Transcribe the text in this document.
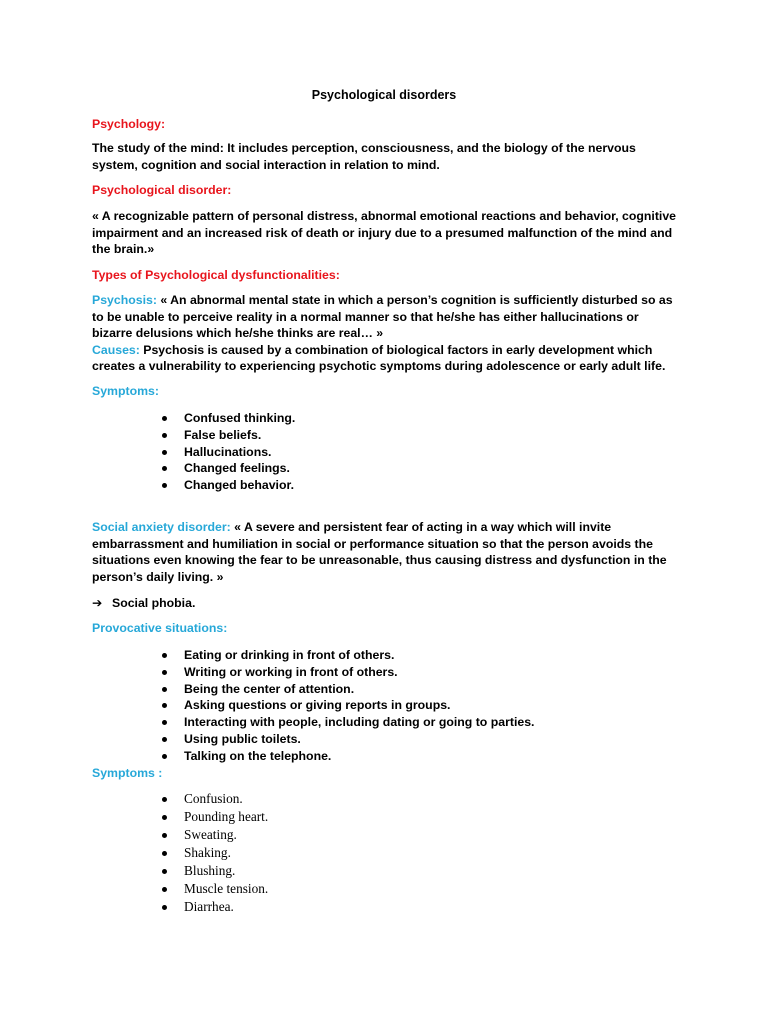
Psychological disorders
Psychology:
The study of the mind: It includes perception, consciousness, and the biology of the nervous system, cognition and social interaction in relation to mind.
Psychological disorder:
« A recognizable pattern of personal distress, abnormal emotional reactions and behavior, cognitive impairment and an increased risk of death or injury due to a presumed malfunction of the mind and the brain.»
Types of Psychological dysfunctionalities:
Psychosis: « An abnormal mental state in which a person’s cognition is sufficiently disturbed so as to be unable to perceive reality in a normal manner so that he/she has either hallucinations or bizarre delusions which he/she thinks are real… »
Causes: Psychosis is caused by a combination of biological factors in early development which creates a vulnerability to experiencing psychotic symptoms during adolescence or early adult life.
Symptoms:
Confused thinking.
False beliefs.
Hallucinations.
Changed feelings.
Changed behavior.
Social anxiety disorder: « A severe and persistent fear of acting in a way which will invite embarrassment and humiliation in social or performance situation so that the person avoids the situations even knowing the fear to be unreasonable, thus causing distress and dysfunction in the person’s daily living. »
➔ Social phobia.
Provocative situations:
Eating or drinking in front of others.
Writing or working in front of others.
Being the center of attention.
Asking questions or giving reports in groups.
Interacting with people, including dating or going to parties.
Using public toilets.
Talking on the telephone.
Symptoms :
Confusion.
Pounding heart.
Sweating.
Shaking.
Blushing.
Muscle tension.
Diarrhea.
